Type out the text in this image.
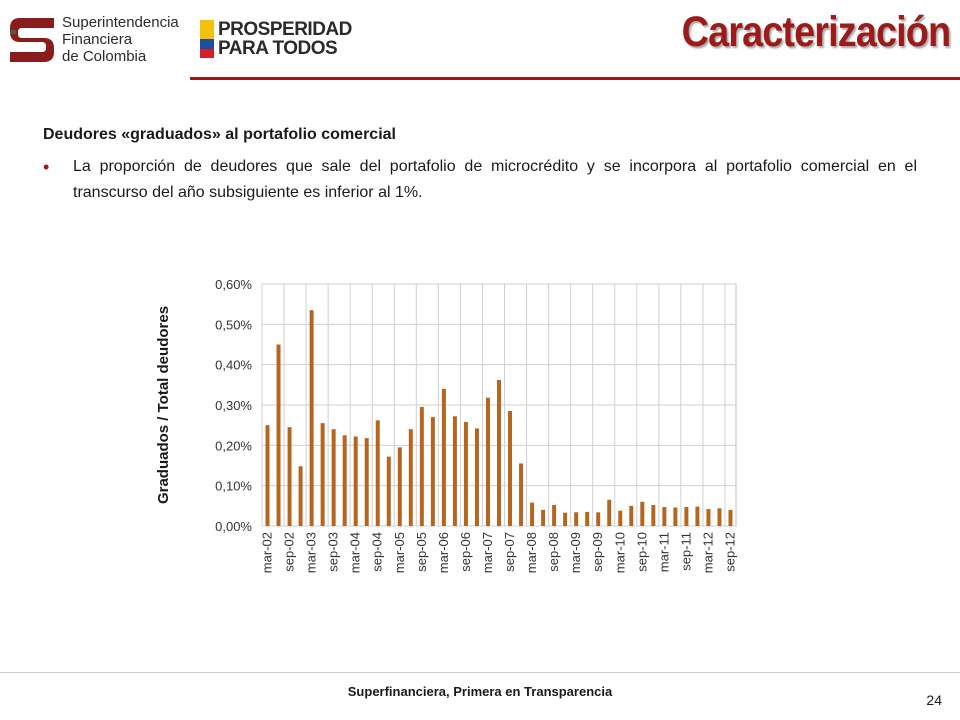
Superintendencia
Financiera
de Colombia
PROSPERIDAD
PARA TODOS	Caracterización
Deudores «graduados» al portafolio comercial
• La proporción de deudores que sale del portafolio de microcrédito y se incorpora al portafolio comercial en el transcurso del año subsiguiente es inferior al 1%.
0,00%
0,10%
0,20%
0,30%
0,40%
0,50%
0,60%
mar-02 sep-02 mar-03 sep-03 mar-04 sep-04 mar-05 sep-05 mar-06 sep-06 mar-07 sep-07 mar-08 sep-08 mar-09 sep-09 mar-10 sep-10 mar-11 sep-11 mar-12 sep-12
Graduados / Total deudores
Superfinanciera, Primera en Transparencia
24
